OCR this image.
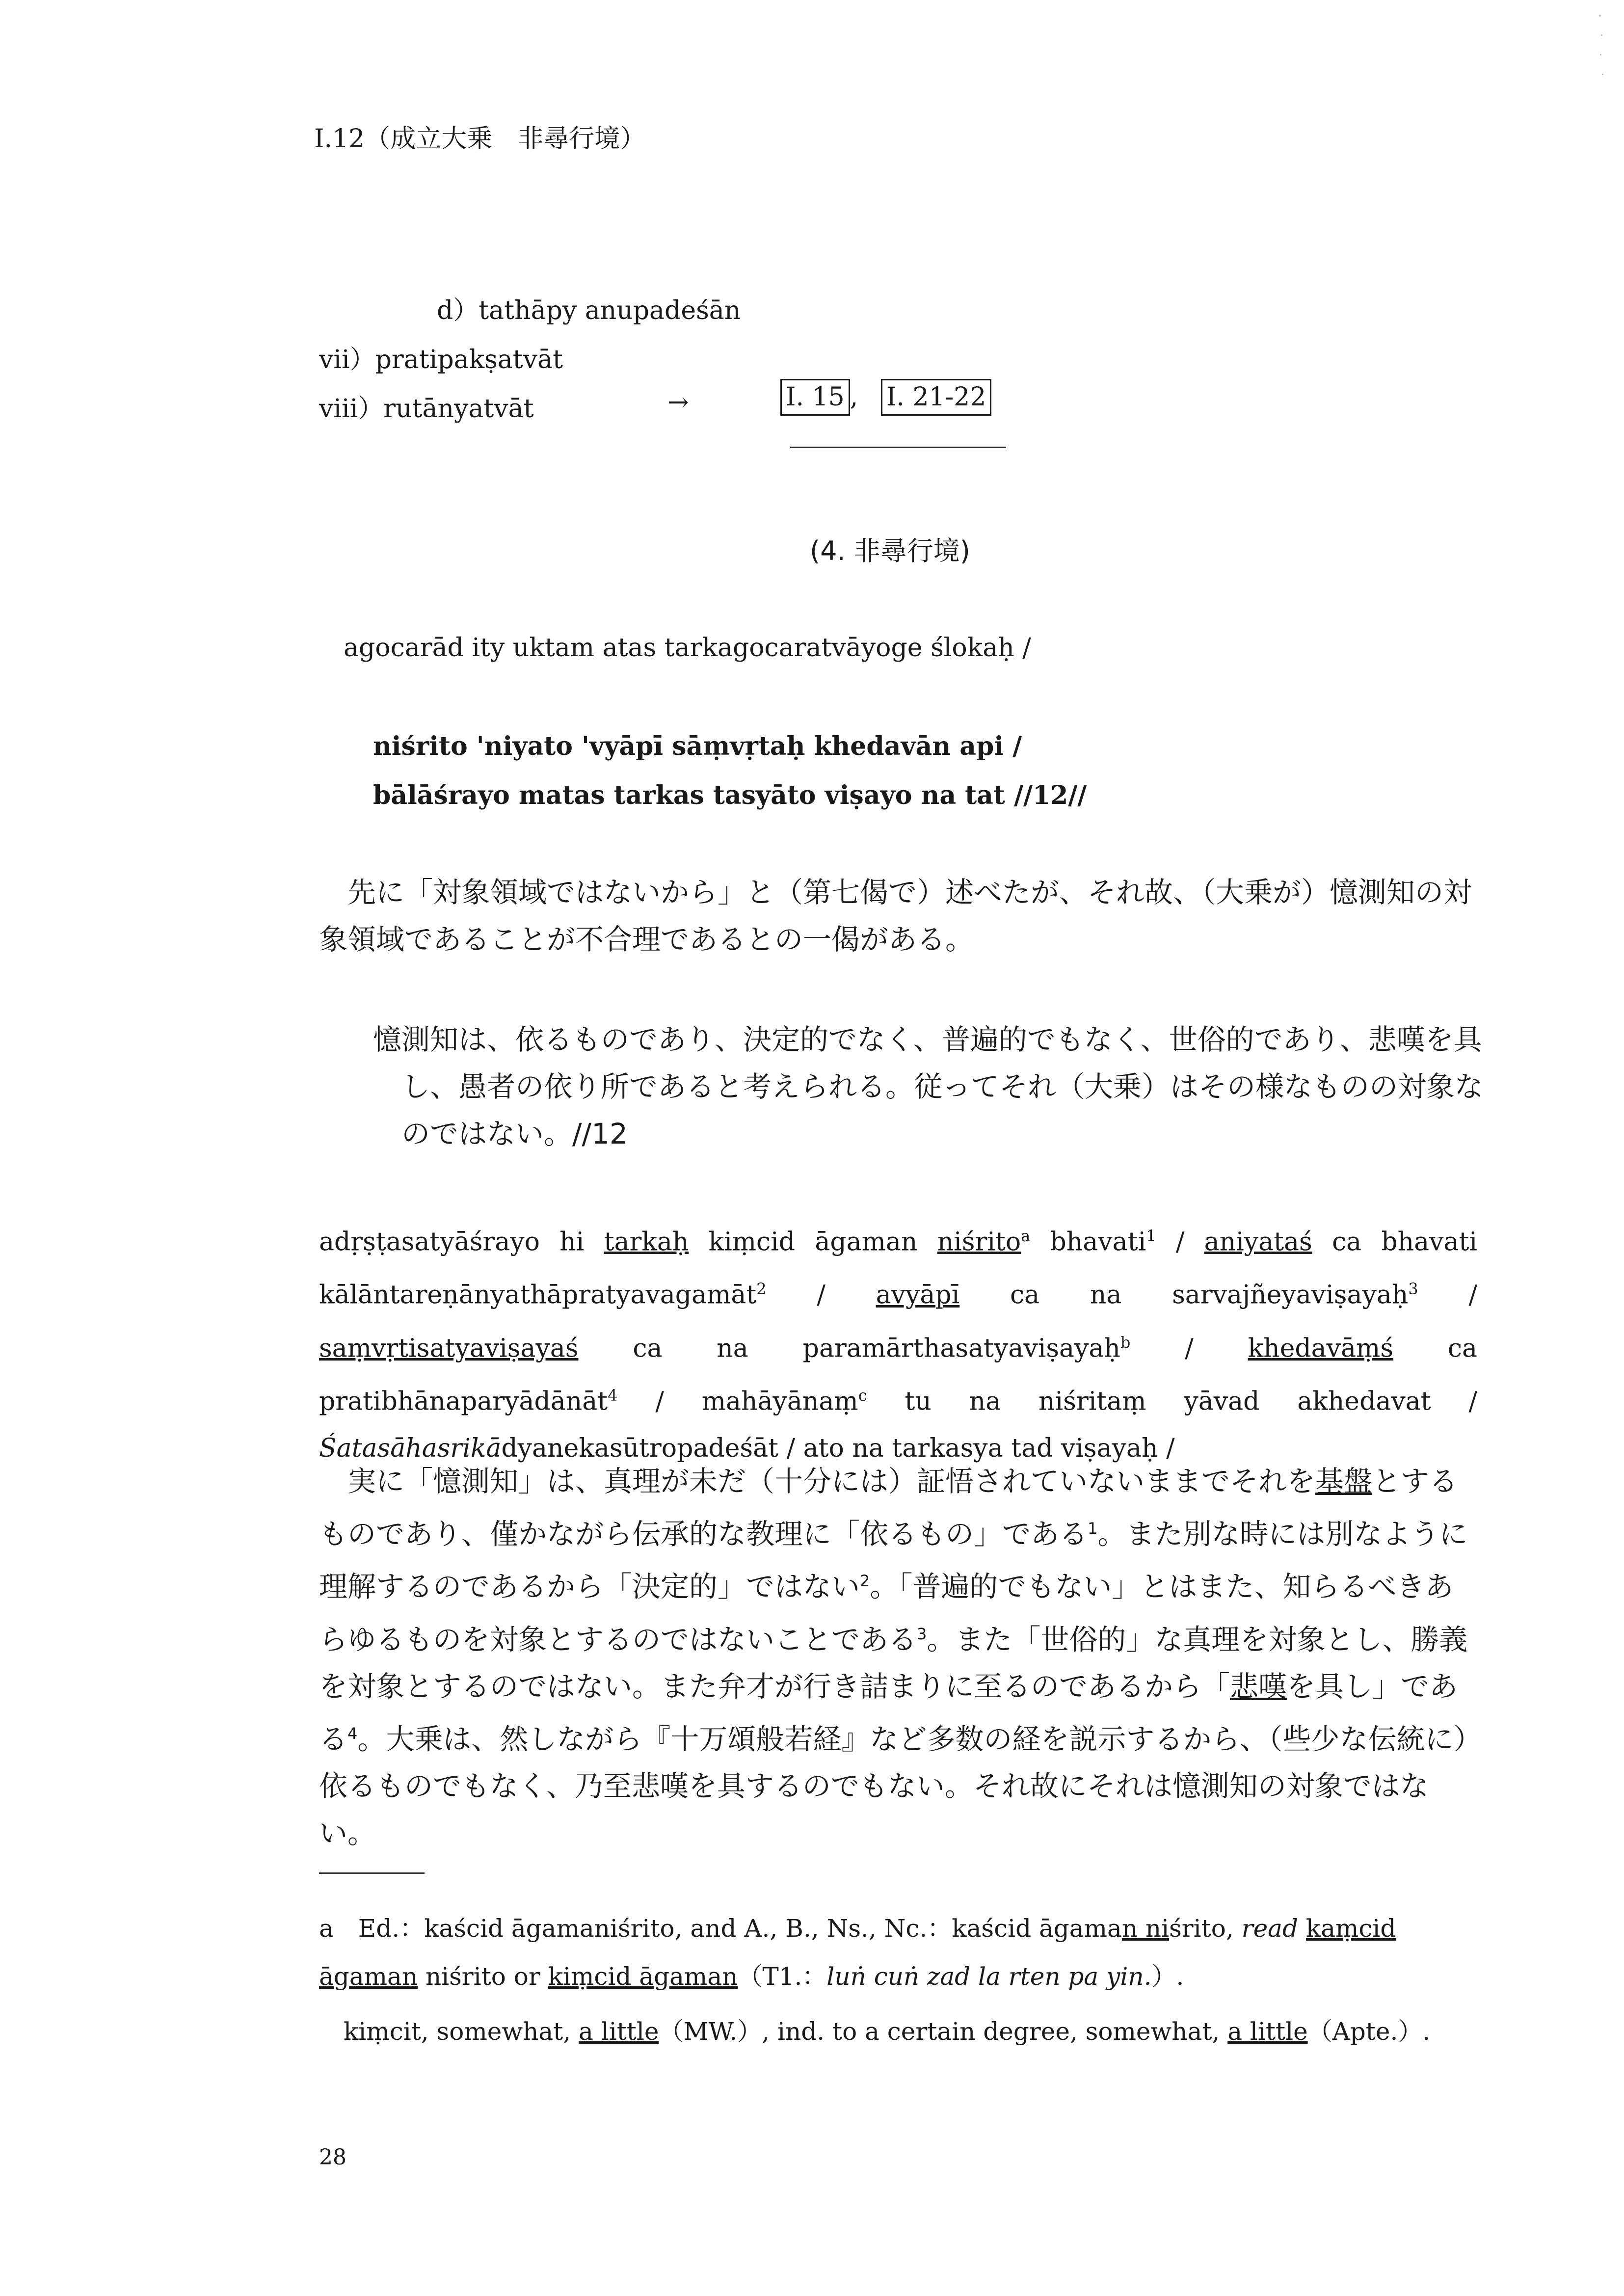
I.12（成立大乗　非尋行境）
d）tathāpy anupadeśān
vii）pratipakṣatvāt
viii）rutānyatvāt	→	I. 15 , I. 21-22
(4. 非尋行境)
agocarād ity uktam atas tarkagocaratvāyoge ślokaḥ /
niśrito 'niyato 'vyāpī sāṃvṛtaḥ khedavān api /
bālāśrayo matas tarkas tasyāto viṣayo na tat //12//
先に「対象領域ではないから」と（第七偈で）述べたが、それ故、（大乗が）憶測知の対象領域であることが不合理であるとの一偈がある。
憶測知は、依るものであり、決定的でなく、普遍的でもなく、世俗的であり、悲嘆を具し、愚者の依り所であると考えられる。従ってそれ（大乗）はその様なものの対象なのではない。//12
adṛṣṭasatyāśrayo hi tarkaḥ kiṃcid āgaman niśrito$^a$ bhavati$^1$ / aniyataś ca bhavati kālāntareṇānyathāpratyavagamāt$^2$ / avyāpī ca na sarvajñeyaviṣayaḥ$^3$ / saṃvṛtisatyaviṣayaś ca na paramārthasatyaviṣayaḥ$^b$ / khedavāṃś ca pratibhānaparyādānāt$^4$ / mahāyānaṃ$^c$ tu na niśritaṃ yāvad akhedavat / Śatasāhasrikādyanekasūtropadeśāt / ato na tarkasya tad viṣayaḥ /
実に「憶測知」は、真理が未だ（十分には）証悟されていないままでそれを基盤とするものであり、僅かながら伝承的な教理に「依るもの」である$^1$。また別な時には別なように理解するのであるから「決定的」ではない$^2$。「普遍的でもない」とはまた、知らるべきあらゆるものを対象とするのではないことである$^3$。また「世俗的」な真理を対象とし、勝義を対象とするのではない。また弁才が行き詰まりに至るのであるから「悲嘆を具し」である$^4$。大乗は、然しながら『十万頌般若経』など多数の経を説示するから、（些少な伝統に）依るものでもなく、乃至悲嘆を具するのでもない。それ故にそれは憶測知の対象ではない。
a　Ed.：kaścid āgamaniśrito, and A., B., Ns., Nc.：kaścid āgaman niśrito, read kaṃcid āgaman niśrito or kiṃcid āgaman（T1.：luṅ cuṅ zad la rten pa yin.）.
kiṃcit, somewhat, a little（MW.）, ind. to a certain degree, somewhat, a little（Apte.）.
28
